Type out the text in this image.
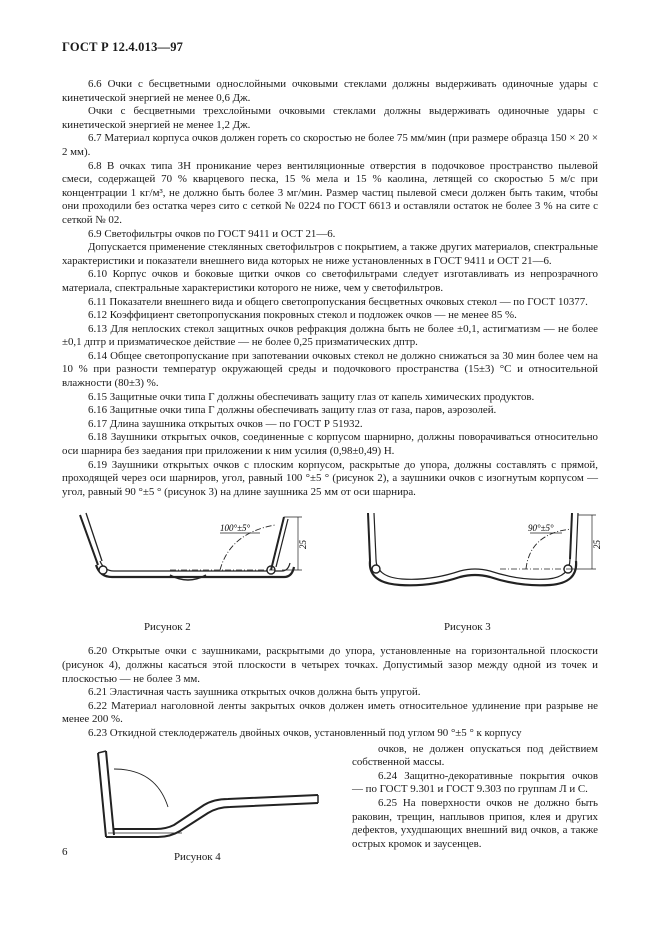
ГОСТ Р 12.4.013—97

6.6 Очки с бесцветными однослойными очковыми стеклами должны выдерживать одиночные удары с кинетической энергией не менее 0,6 Дж.

Очки с бесцветными трехслойными очковыми стеклами должны выдерживать одиночные удары с кинетической энергией не менее 1,2 Дж.

6.7 Материал корпуса очков должен гореть со скоростью не более 75 мм/мин (при размере образца 150 × 20 × 2 мм).

6.8 В очках типа ЗН проникание через вентиляционные отверстия в подочковое пространство пылевой смеси, содержащей 70 % кварцевого песка, 15 % мела и 15 % каолина, летящей со скоростью 5 м/с при концентрации 1 кг/м³, не должно быть более 3 мг/мин. Размер частиц пылевой смеси должен быть таким, чтобы они проходили без остатка через сито с сеткой № 0224 по ГОСТ 6613 и оставляли остаток не более 3 % на сите с сеткой № 02.

6.9 Светофильтры очков по ГОСТ 9411 и ОСТ 21—6.

Допускается применение стеклянных светофильтров с покрытием, а также других материалов, спектральные характеристики и показатели внешнего вида которых не ниже установленных в ГОСТ 9411 и ОСТ 21—6.

6.10 Корпус очков и боковые щитки очков со светофильтрами следует изготавливать из непрозрачного материала, спектральные характеристики которого не ниже, чем у светофильтров.

6.11 Показатели внешнего вида и общего светопропускания бесцветных очковых стекол — по ГОСТ 10377.

6.12 Коэффициент светопропускания покровных стекол и подложек очков — не менее 85 %.

6.13 Для неплоских стекол защитных очков рефракция должна быть не более ±0,1, астигматизм — не более ±0,1 дптр и призматическое действие — не более 0,25 призматических дптр.

6.14 Общее светопропускание при запотевании очковых стекол не должно снижаться за 30 мин более чем на 10 % при разности температур окружающей среды и подочкового пространства (15±3) °С и относительной влажности (80±3) %.

6.15 Защитные очки типа Г должны обеспечивать защиту глаз от капель химических продуктов.

6.16 Защитные очки типа Г должны обеспечивать защиту глаз от газа, паров, аэрозолей.

6.17 Длина заушника открытых очков — по ГОСТ Р 51932.

6.18 Заушники открытых очков, соединенные с корпусом шарнирно, должны поворачиваться относительно оси шарнира без заедания при приложении к ним усилия (0,98±0,49) Н.

6.19 Заушники открытых очков с плоским корпусом, раскрытые до упора, должны составлять с прямой, проходящей через оси шарниров, угол, равный 100 °±5 ° (рисунок 2), а заушники очков с изогнутым корпусом — угол, равный 90 °±5 ° (рисунок 3) на длине заушника 25 мм от оси шарнира.

100°±5°
25
90°±5°
25
Рисунок 2	Рисунок 3

6.20 Открытые очки с заушниками, раскрытыми до упора, установленные на горизонтальной плоскости (рисунок 4), должны касаться этой плоскости в четырех точках. Допустимый зазор между одной из точек и плоскостью — не более 3 мм.

6.21 Эластичная часть заушника открытых очков должна быть упругой.

6.22 Материал наголовной ленты закрытых очков должен иметь относительное удлинение при разрыве не менее 200 %.

6.23 Откидной стеклодержатель двойных очков, установленный под углом 90 °±5 ° к корпусу

Рисунок 4

очков, не должен опускаться под действием собственной массы.

6.24 Защитно-декоративные покрытия очков — по ГОСТ 9.301 и ГОСТ 9.303 по группам Л и С.

6.25 На поверхности очков не должно быть раковин, трещин, наплывов припоя, клея и других дефектов, ухудшающих внешний вид очков, а также острых кромок и заусенцев.

6
